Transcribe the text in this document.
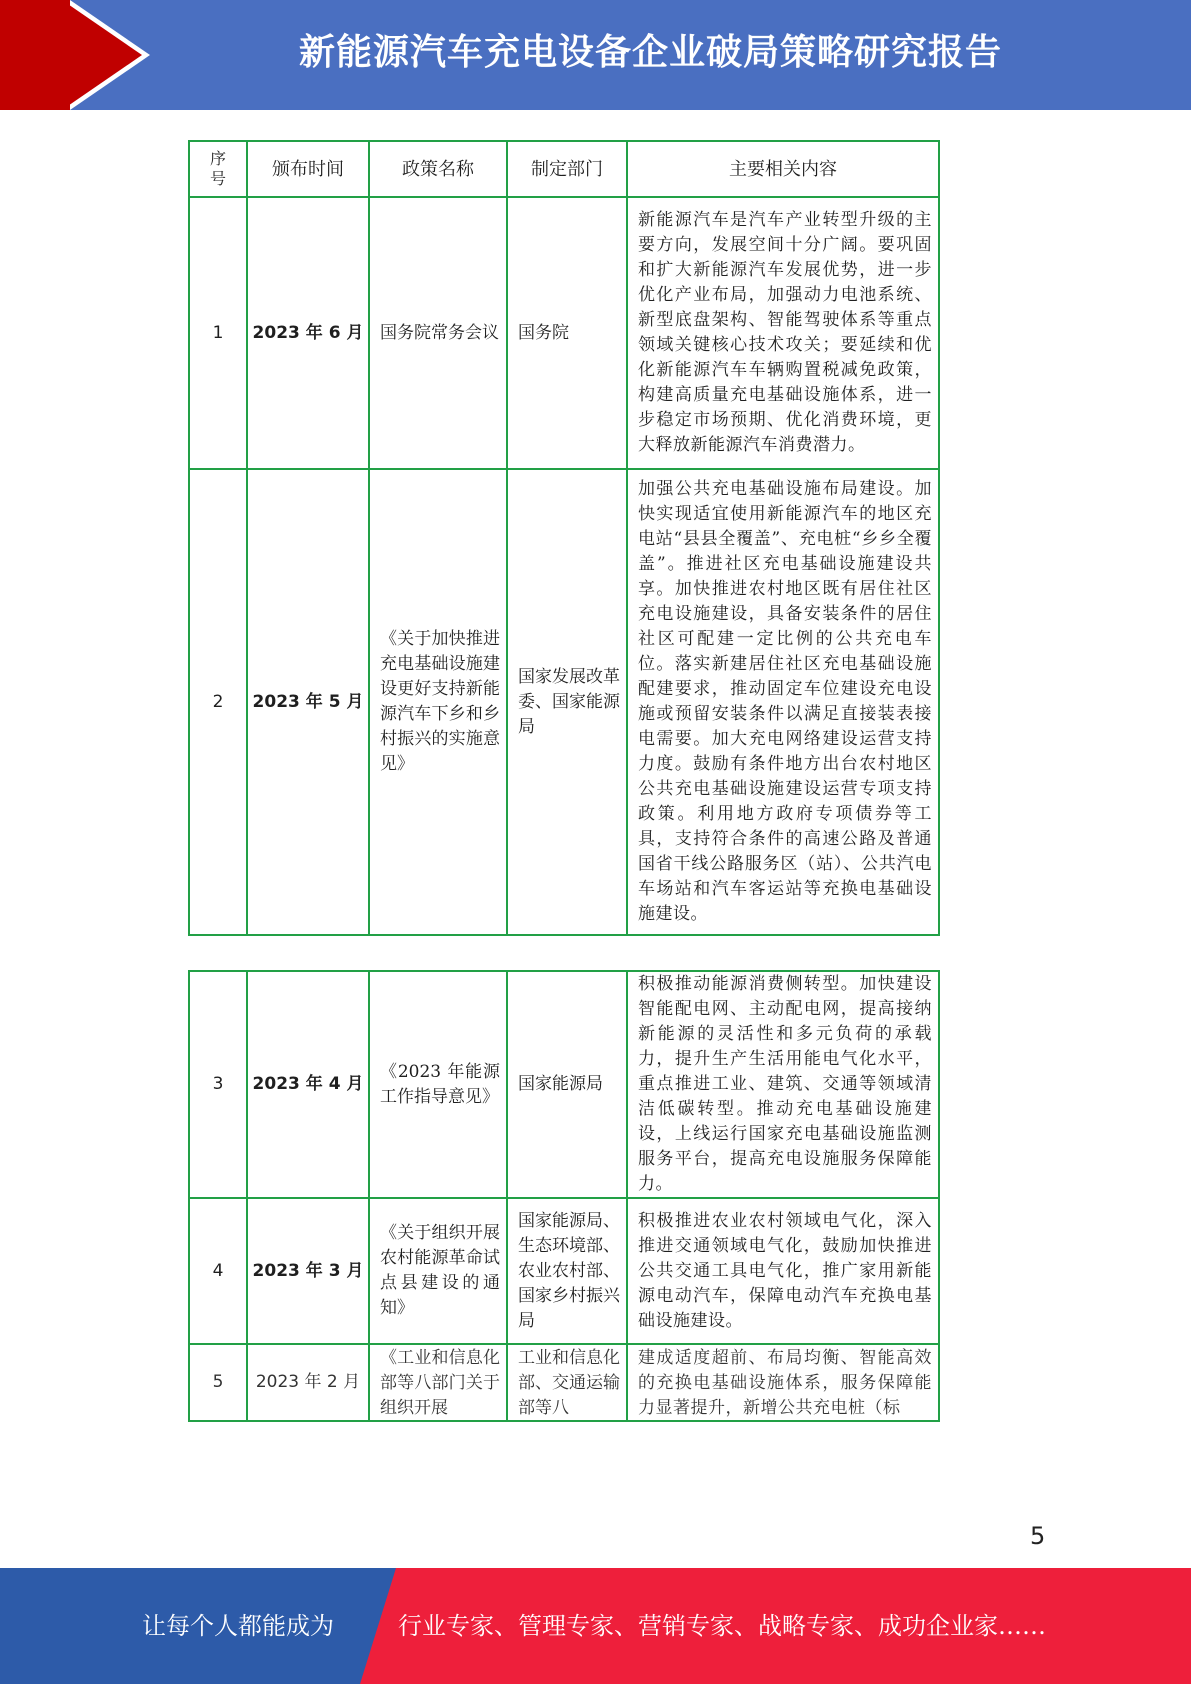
新能源汽车充电设备企业破局策略研究报告
序号	颁布时间	政策名称	制定部门	主要相关内容
1	2023 年 6 月	国务院常务会议	国务院	新能源汽车是汽车产业转型升级的主要方向，发展空间十分广阔。要巩固和扩大新能源汽车发展优势，进一步优化产业布局，加强动力电池系统、新型底盘架构、智能驾驶体系等重点领域关键核心技术攻关；要延续和优化新能源汽车车辆购置税减免政策，构建高质量充电基础设施体系，进一步稳定市场预期、优化消费环境，更大释放新能源汽车消费潜力。
2	2023 年 5 月	《关于加快推进充电基础设施建设更好支持新能源汽车下乡和乡村振兴的实施意见》	国家发展改革委、国家能源局	加强公共充电基础设施布局建设。加快实现适宜使用新能源汽车的地区充电站“县县全覆盖”、充电桩“乡乡全覆盖”。推进社区充电基础设施建设共享。加快推进农村地区既有居住社区充电设施建设，具备安装条件的居住社区可配建一定比例的公共充电车位。落实新建居住社区充电基础设施配建要求，推动固定车位建设充电设施或预留安装条件以满足直接装表接电需要。加大充电网络建设运营支持力度。鼓励有条件地方出台农村地区公共充电基础设施建设运营专项支持政策。利用地方政府专项债券等工具，支持符合条件的高速公路及普通国省干线公路服务区（站）、公共汽电车场站和汽车客运站等充换电基础设施建设。
3	2023 年 4 月	《2023 年能源工作指导意见》	国家能源局	积极推动能源消费侧转型。加快建设智能配电网、主动配电网，提高接纳新能源的灵活性和多元负荷的承载力，提升生产生活用能电气化水平，重点推进工业、建筑、交通等领域清洁低碳转型。推动充电基础设施建设，上线运行国家充电基础设施监测服务平台，提高充电设施服务保障能力。
4	2023 年 3 月	《关于组织开展农村能源革命试点县建设的通知》	国家能源局、生态环境部、农业农村部、国家乡村振兴局	积极推进农业农村领域电气化，深入推进交通领域电气化，鼓励加快推进公共交通工具电气化，推广家用新能源电动汽车，保障电动汽车充换电基础设施建设。
5	2023 年 2 月	《工业和信息化部等八部门关于组织开展	工业和信息化部、交通运输部等八	建成适度超前、布局均衡、智能高效的充换电基础设施体系，服务保障能力显著提升，新增公共充电桩（标
5
让每个人都能成为	行业专家、管理专家、营销专家、战略专家、成功企业家……
